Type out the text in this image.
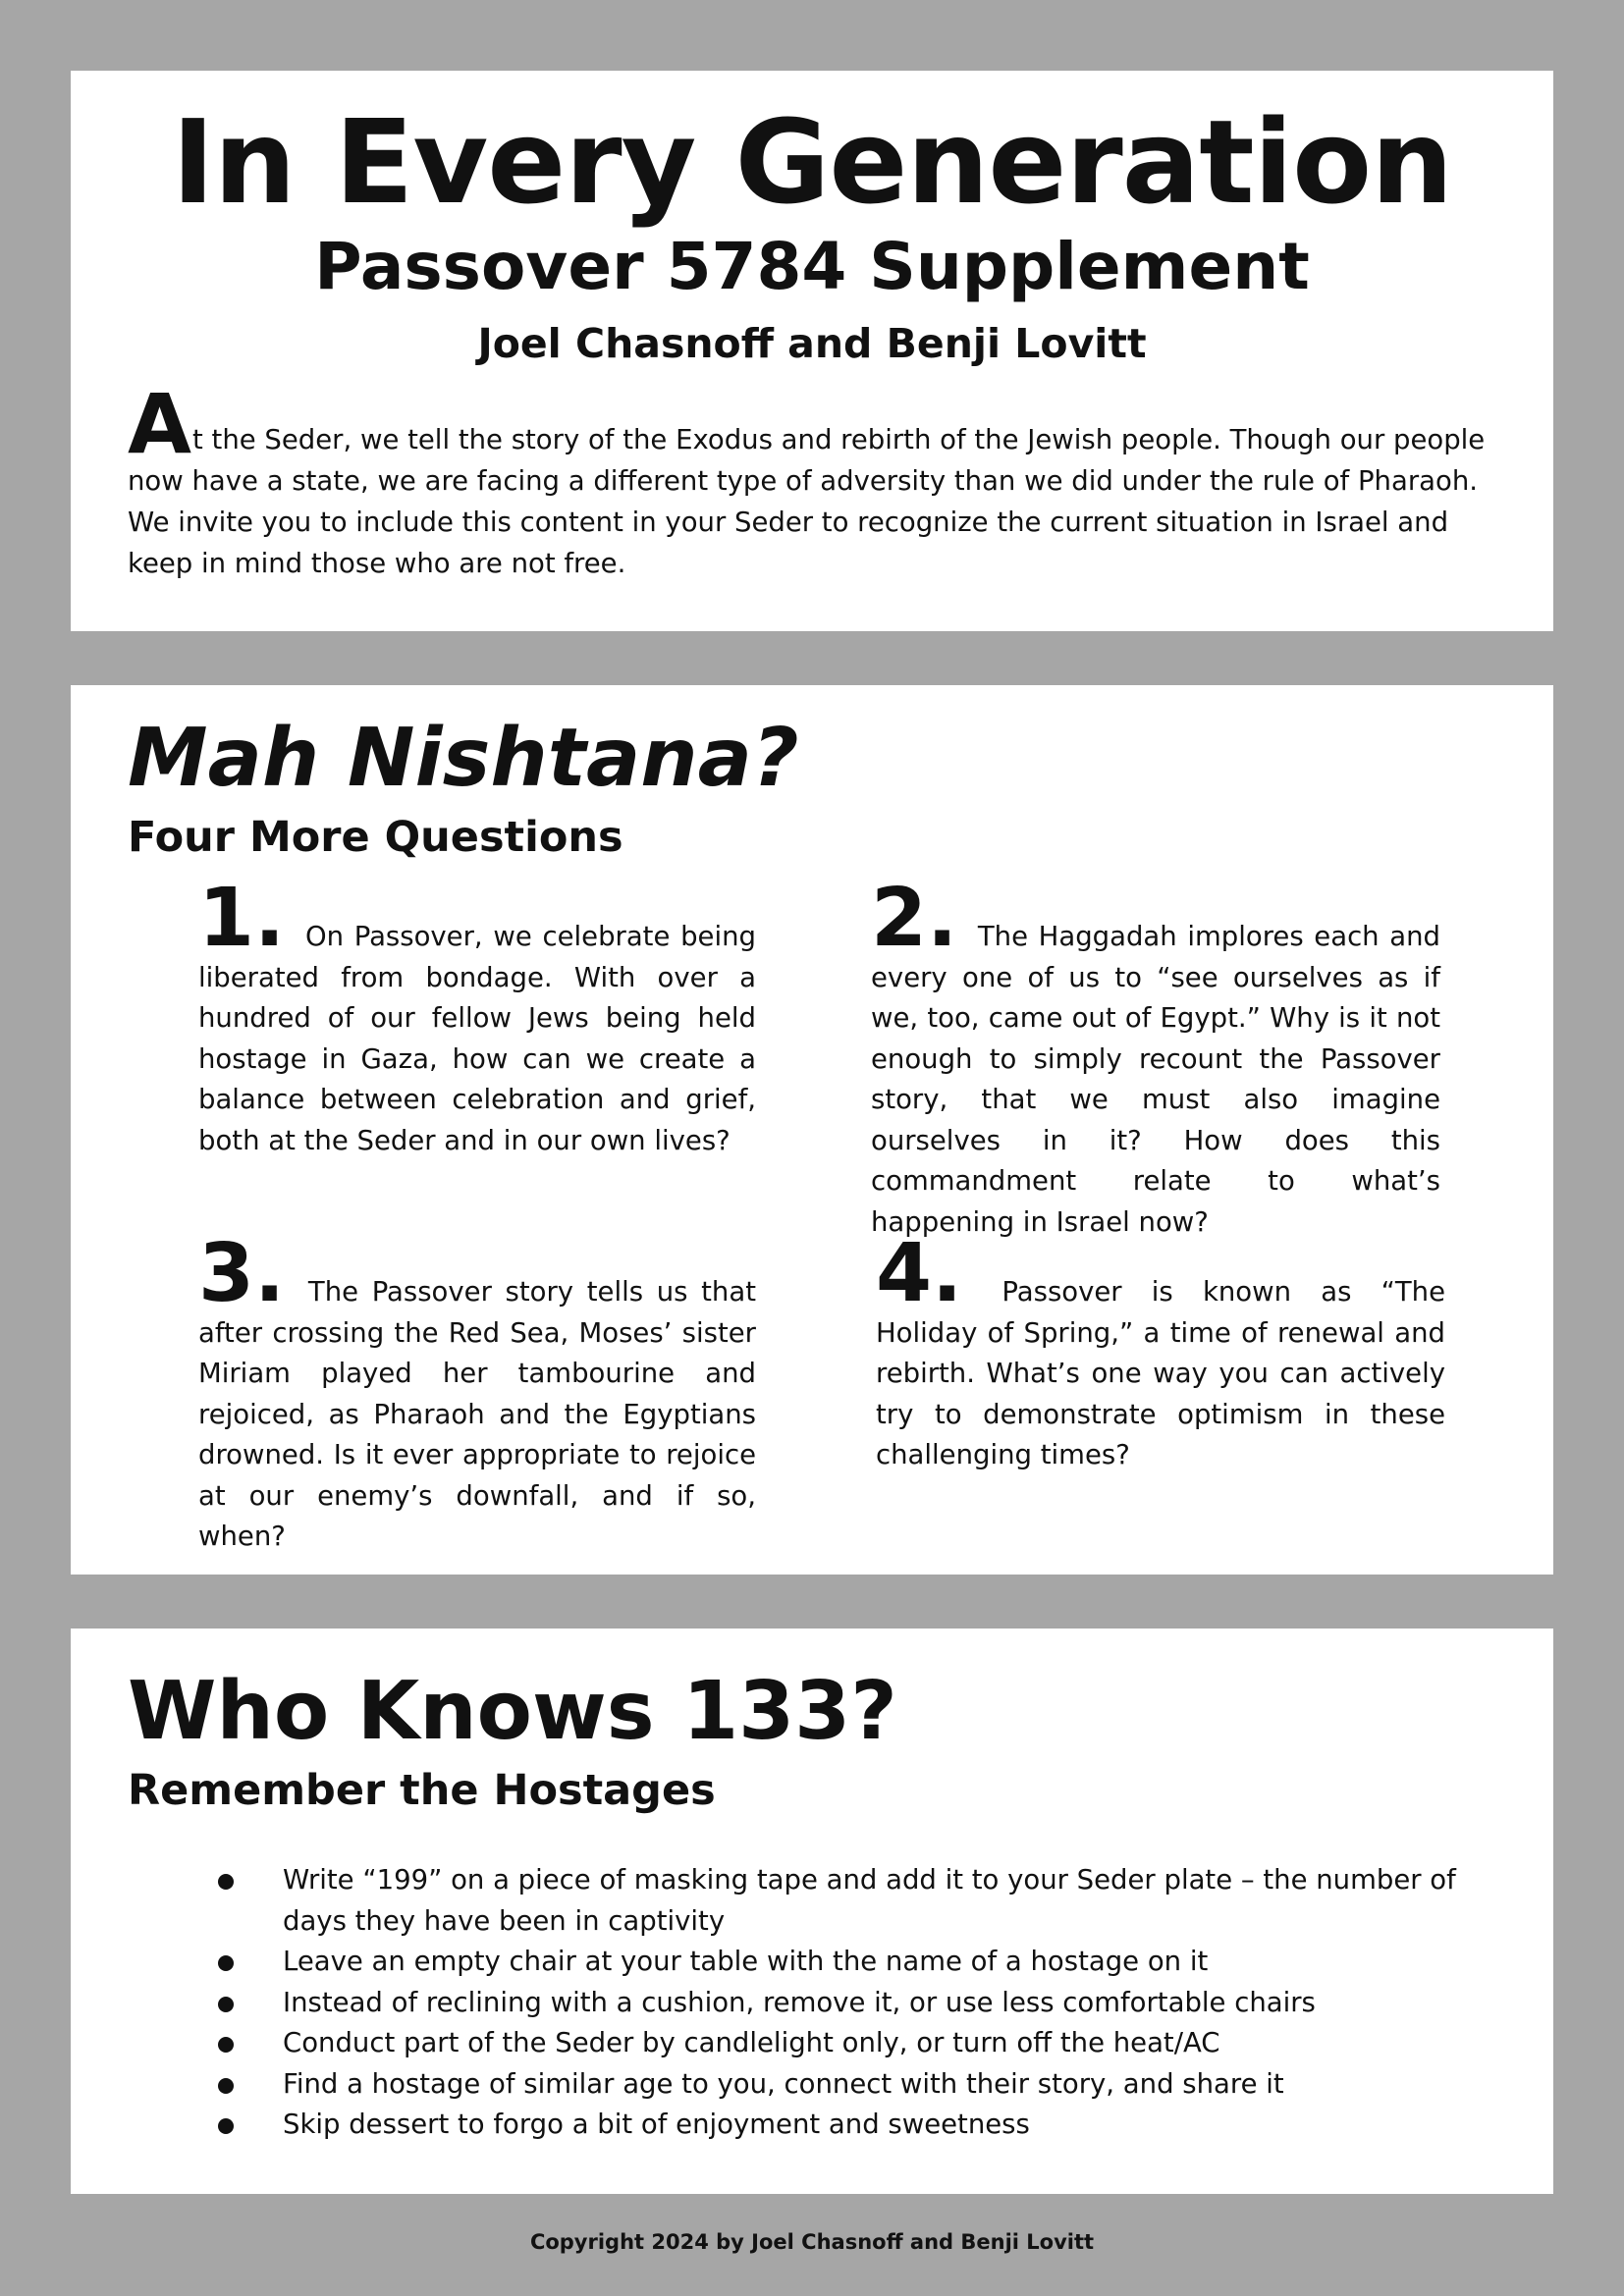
In Every Generation
Passover 5784 Supplement
Joel Chasnoff and Benji Lovitt

At the Seder, we tell the story of the Exodus and rebirth of the Jewish people. Though our people now have a state, we are facing a different type of adversity than we did under the rule of Pharaoh. We invite you to include this content in your Seder to recognize the current situation in Israel and keep in mind those who are not free.

Mah Nishtana?
Four More Questions

1. On Passover, we celebrate being liberated from bondage. With over a hundred of our fellow Jews being held hostage in Gaza, how can we create a balance between celebration and grief, both at the Seder and in our own lives?

2. The Haggadah implores each and every one of us to “see ourselves as if we, too, came out of Egypt.” Why is it not enough to simply recount the Passover story, that we must also imagine ourselves in it? How does this commandment relate to what’s happening in Israel now?

3. The Passover story tells us that after crossing the Red Sea, Moses’ sister Miriam played her tambourine and rejoiced, as Pharaoh and the Egyptians drowned. Is it ever appropriate to rejoice at our enemy’s downfall, and if so, when?

4. Passover is known as “The Holiday of Spring,” a time of renewal and rebirth. What’s one way you can actively try to demonstrate optimism in these challenging times?

Who Knows 133?
Remember the Hostages
Write “199” on a piece of masking tape and add it to your Seder plate – the number of days they have been in captivity
Leave an empty chair at your table with the name of a hostage on it
Instead of reclining with a cushion, remove it, or use less comfortable chairs
Conduct part of the Seder by candlelight only, or turn off the heat/AC
Find a hostage of similar age to you, connect with their story, and share it
Skip dessert to forgo a bit of enjoyment and sweetness

Copyright 2024 by Joel Chasnoff and Benji Lovitt
